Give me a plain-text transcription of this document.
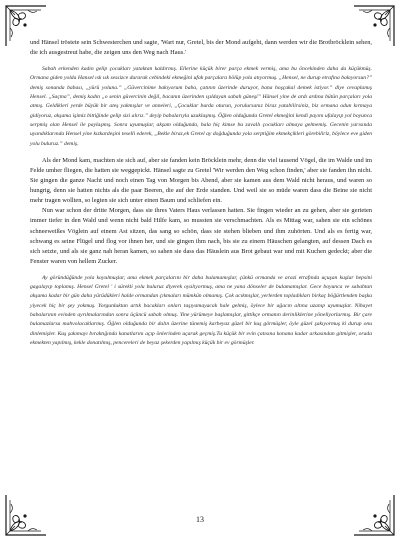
und Hänsel tröstete sein Schwesterchen und sagte, 'Wart nur, Gretel, bis der Mond aufgeht, dann werden wir die Brotbröcklein sehen, die ich ausgestreut habe, die zeigen uns den Weg nach Haus.'

Sabah erkenden kadın gelip çocukları yataktan kaldırmış. Ellerine küçük birer parça ekmek vermiş, ama bu öncekinden daha da küçükmüş. Ormana giden yolda Hansel ısk ısk sessizce durarak cebindeki ekmeğini ufak parçalara bölüp yola atıyormuş. „Hensel, ne durup etrafına bakıyorsun?” demiş sonunda babası, „yürü yoluna.” „Güvercinime bakıyorum baba, çatının üzerinde duruyor, bana hoşçakal demek istiyor.” diye cevaplamış Hensel. „Saçma”, demiş kadın „o senin güvercinin değil, bacanın üzerinden ışıldayan sabah güneşi” Hänsel yine de ardı ardına bütün parçaları yola atmış. Geldikleri yerde büyük bir ateş yakmışlar ve anneleri, „Çocuklar burda oturun, yorulursanız biraz yatabilirsiniz, biz ormana odun kırmaya gidiyoruz, akşama işimiz bittiğinde gelip sizi alırız.” deyip babalarıyla uzaklaşmış. Öğlen olduğunda Gretel ekmeğini kendi payını ufalayıp yol boyunca serpmiş olan Hensel ile paylaşmış. Sonra uyumuşlar, akşam olduğunda, hala hiç kimse bu zavallı çocukları almaya gelmemiş. Gecenin yarısında uyandıklarında Hensel yine kızkardeşini teselli ederek, „Bekle biraz,ek Gretel ay doğduğunda yola serptiğim ekmekçikleri görebiliriz, böylece eve giden yolu buluruz.” demiş.

Als der Mond kam, machten sie sich auf, aber sie fanden kein Bröcklein mehr, denn die viel tausend Vögel, die im Walde und im Felde umher fliegen, die hatten sie weggepickt. Hänsel sagte zu Gretel 'Wir werden den Weg schon finden,' aber sie fanden ihn nicht. Sie gingen die ganze Nacht und noch einen Tag von Morgen bis Abend, aber sie kamen aus dem Wald nicht heraus, und waren so hungrig, denn sie hatten nichts als die paar Beeren, die auf der Erde standen. Und weil sie so müde waren dass die Beine sie nicht mehr tragen wollten, so legten sie sich unter einen Baum und schliefen ein.

Nun war schon der dritte Morgen, dass sie ihres Vaters Haus verlassen hatten. Sie fingen wieder an zu gehen, aber sie gerieten immer tiefer in den Wald und wenn nicht bald Hilfe kam, so mussten sie verschmachten. Als es Mittag war, sahen sie ein schönes schneeweißes Vöglein auf einem Ast sitzen, das sang so schön, dass sie stehen blieben und ihm zuhörten. Und als es fertig war, schwang es seine Flügel und flog vor ihnen her, und sie gingen ihm nach, bis sie zu einem Häuschen gelangten, auf dessen Dach es sich setzte, und als sie ganz nah heran kamen, so sahen sie dass das Häuslein aus Brot gebaut war und mit Kuchen gedeckt; aber die Fenster waren von hellem Zucker.

Ay göründüğünde yola koyulmuşlar, ama ekmek parçalarını bir daha bulamamışlar, çünkü ormanda ve arazi etrafında uçuşan kuşlar hepsini gagalayıp toplamış. Hensel Gretel ' i sürekli yolu buluruz diyerek oyalıyormuş, ama ne yana dönseler de bulamamışlar. Gece boyunca ve sabahtan akşama kadar bir gün daha yürüdükleri halde ormandan çıkmaları mümkün olmamış. Çok acıkmışlar, yerlerden topladıkları birkaç böğürtlenden başka yiyecek hiç bir şey yokmuş. Yorgunluktan artık bacakları onları taşıyamayacak hale gelmiş, öylece bir ağacın altına uzanıp uyumuşlar. Nihayet babalarının evinden ayrılmalarından sonra üçüncü sabah olmuş. Yine yürümeye başlamışlar, gittikçe ormanın derinliklerine yöneliyorlarmış. Bir çare bulamazlarsa mahvolacaklarmış. Öğlen olduğunda bir dalın üzerine tünemiş karbeyaz güzel bir kuş görmüşler, öyle güzel şakıyormuş ki durup onu dinlemişler. Kuş şakımayı bıraktığında kanatlarını açıp önlerinden uçarak geçmiş.Tu küçük bir evin çatısına konana kadar arkasından gitmişler, orada ekmekten yapılmış, kekle donatılmış, pencereleri de beyaz şekerden yapılmış küçük bir ev görmüşler.

13
